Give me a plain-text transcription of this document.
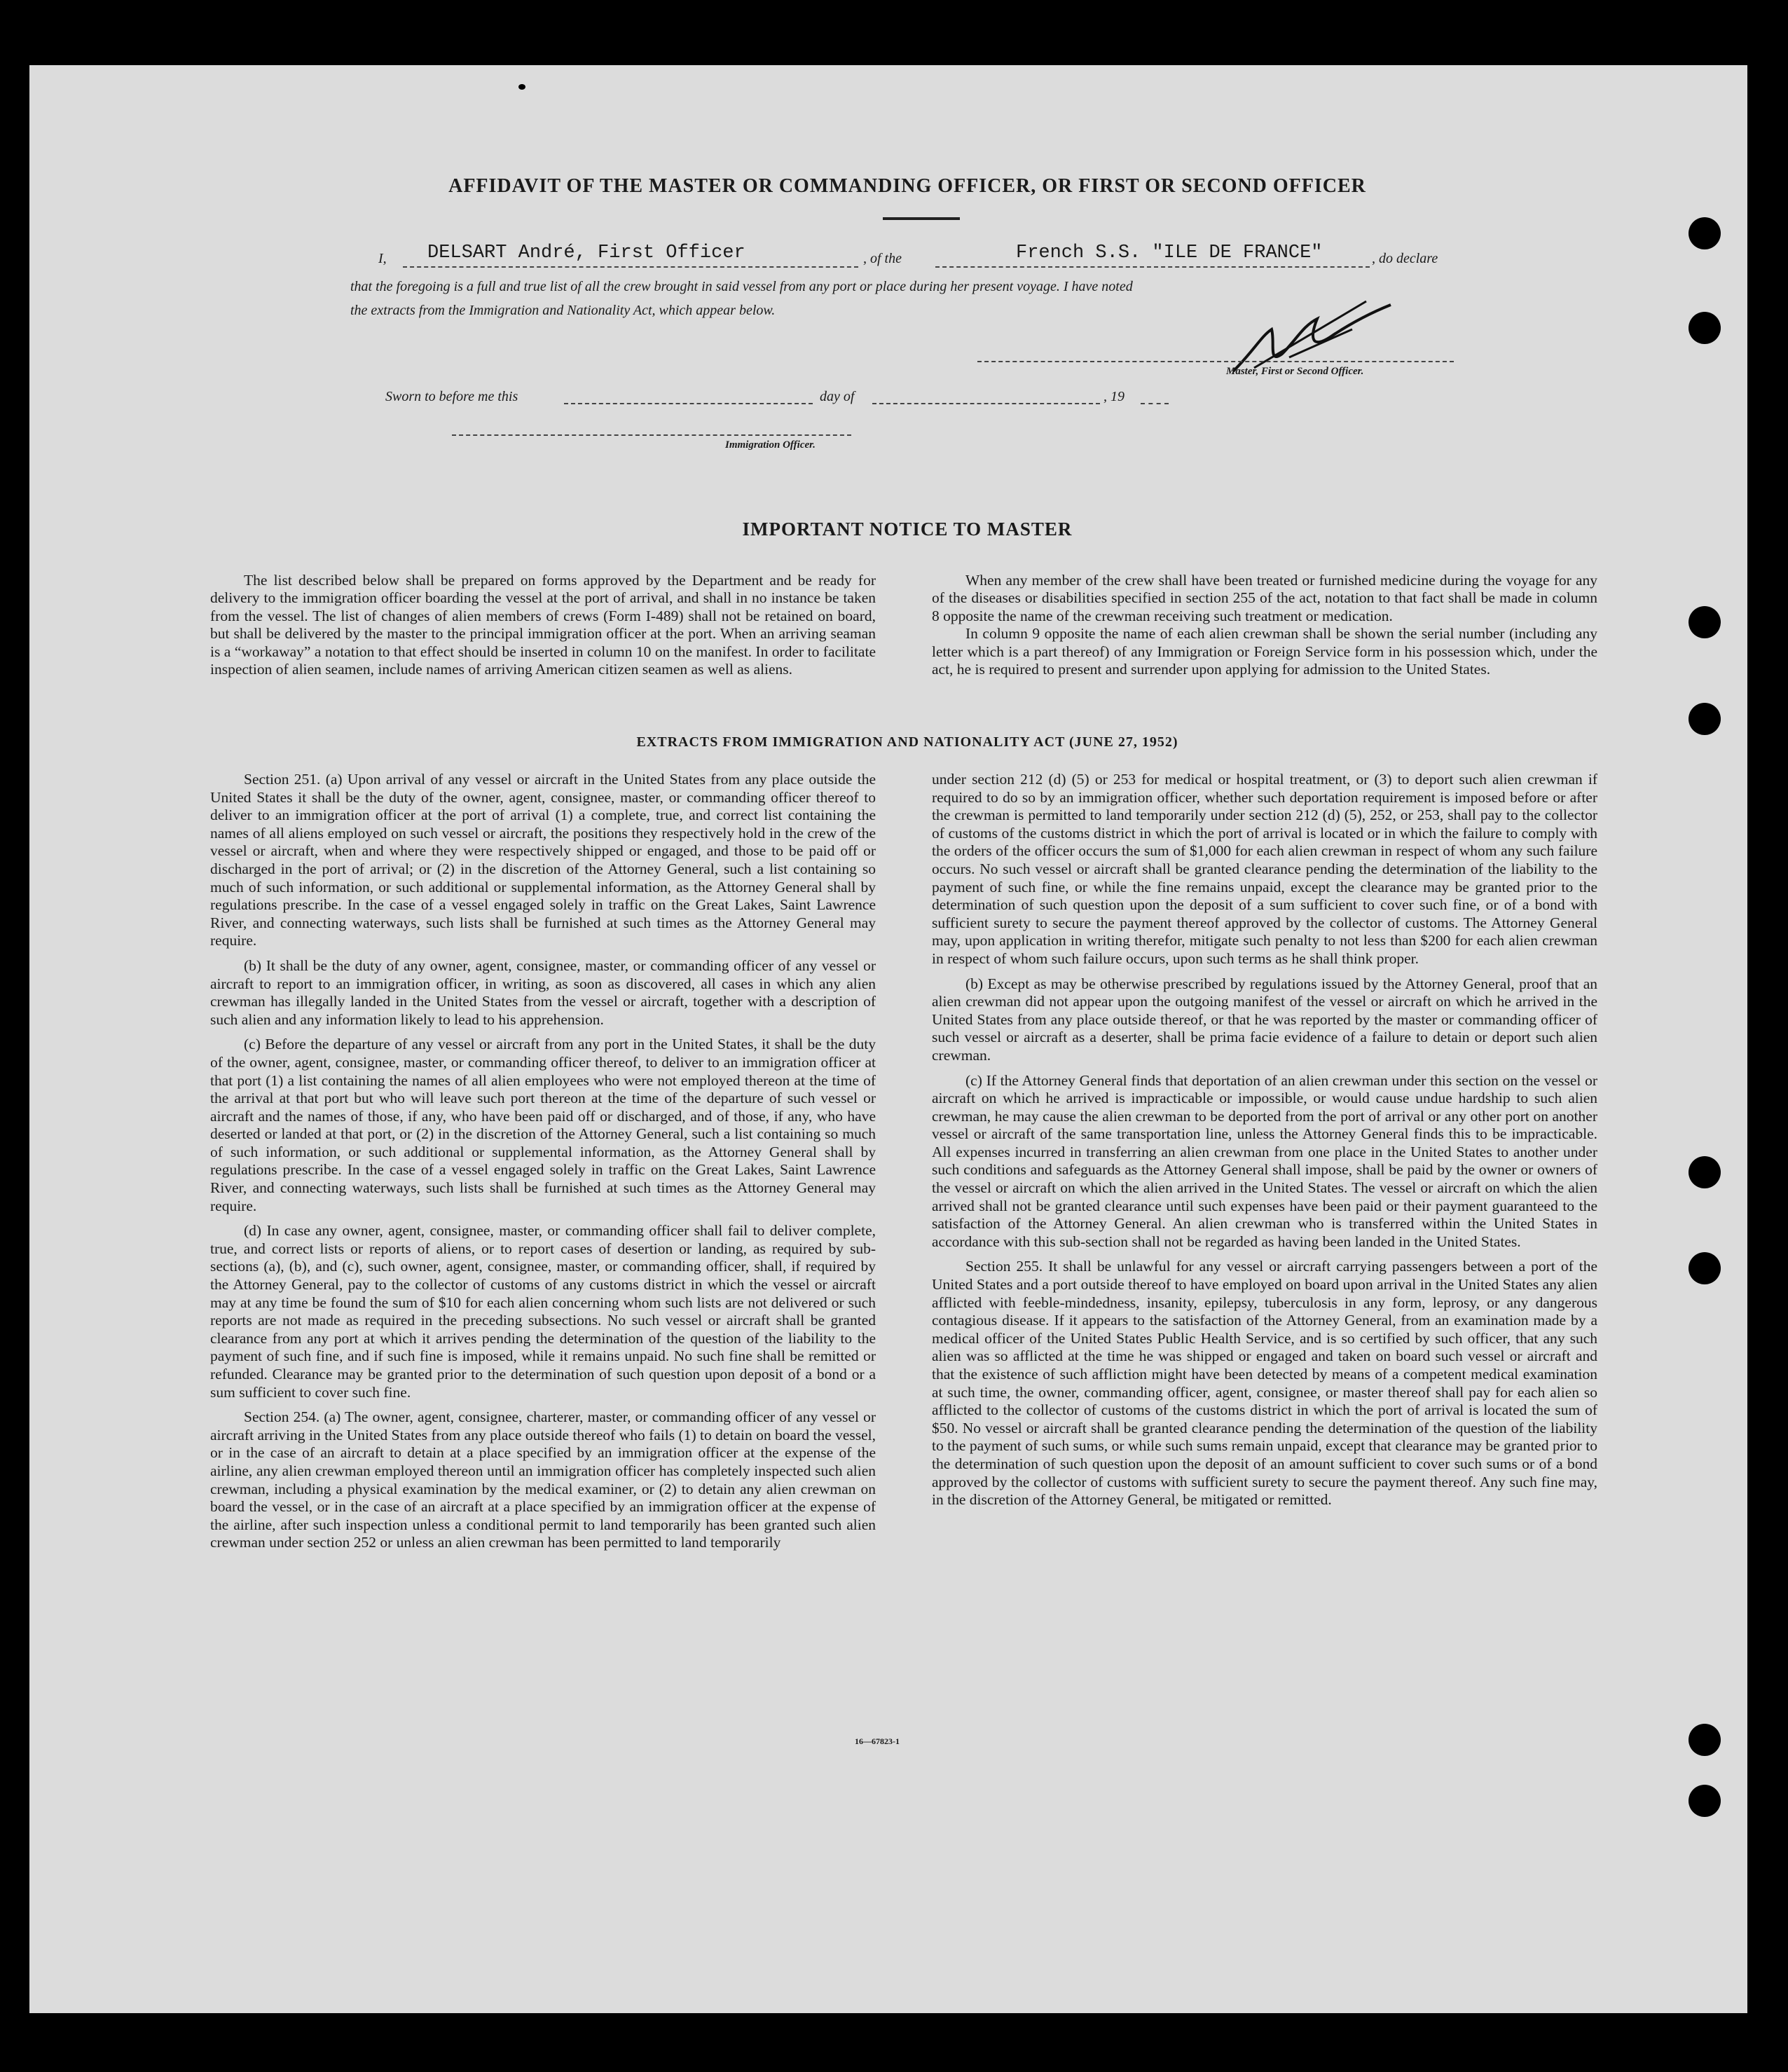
AFFIDAVIT OF THE MASTER OR COMMANDING OFFICER, OR FIRST OR SECOND OFFICER
I, DELSART André, First Officer	, of the	French S.S. "ILE DE FRANCE"	, do declare
that the foregoing is a full and true list of all the crew brought in said vessel from any port or place during her present voyage. I have noted
the extracts from the Immigration and Nationality Act, which appear below.
Master, First or Second Officer.
Sworn to before me this	day of	, 19
Immigration Officer.
IMPORTANT NOTICE TO MASTER

The list described below shall be prepared on forms approved by the Department and be ready for delivery to the immigration officer boarding the vessel at the port of arrival, and shall in no instance be taken from the vessel. The list of changes of alien members of crews (Form I-489) shall not be retained on board, but shall be delivered by the master to the principal immigration officer at the port. When an arriving seaman is a “workaway” a notation to that effect should be inserted in column 10 on the manifest. In order to facilitate inspection of alien seamen, include names of arriving American citizen seamen as well as aliens.

When any member of the crew shall have been treated or furnished medicine during the voyage for any of the diseases or disabilities specified in section 255 of the act, notation to that fact shall be made in column 8 opposite the name of the crewman receiving such treatment or medication.

In column 9 opposite the name of each alien crewman shall be shown the serial number (including any letter which is a part thereof) of any Immigration or Foreign Service form in his possession which, under the act, he is required to present and surrender upon applying for admission to the United States.

EXTRACTS FROM IMMIGRATION AND NATIONALITY ACT (JUNE 27, 1952)

Section 251. (a) Upon arrival of any vessel or aircraft in the United States from any place outside the United States it shall be the duty of the owner, agent, consignee, master, or commanding officer thereof to deliver to an immigration officer at the port of arrival (1) a complete, true, and correct list containing the names of all aliens employed on such vessel or aircraft, the positions they respectively hold in the crew of the vessel or aircraft, when and where they were respectively shipped or engaged, and those to be paid off or discharged in the port of arrival; or (2) in the discretion of the Attorney General, such a list containing so much of such information, or such additional or supplemental information, as the Attorney General shall by regulations prescribe. In the case of a vessel engaged solely in traffic on the Great Lakes, Saint Lawrence River, and connecting waterways, such lists shall be furnished at such times as the Attorney General may require.

(b) It shall be the duty of any owner, agent, consignee, master, or commanding officer of any vessel or aircraft to report to an immigration officer, in writing, as soon as discovered, all cases in which any alien crewman has illegally landed in the United States from the vessel or aircraft, together with a description of such alien and any information likely to lead to his apprehension.

(c) Before the departure of any vessel or aircraft from any port in the United States, it shall be the duty of the owner, agent, consignee, master, or commanding officer thereof, to deliver to an immigration officer at that port (1) a list containing the names of all alien employees who were not employed thereon at the time of the arrival at that port but who will leave such port thereon at the time of the departure of such vessel or aircraft and the names of those, if any, who have been paid off or discharged, and of those, if any, who have deserted or landed at that port, or (2) in the discretion of the Attorney General, such a list containing so much of such information, or such additional or supplemental information, as the Attorney General shall by regulations prescribe. In the case of a vessel engaged solely in traffic on the Great Lakes, Saint Lawrence River, and connecting waterways, such lists shall be furnished at such times as the Attorney General may require.

(d) In case any owner, agent, consignee, master, or commanding officer shall fail to deliver complete, true, and correct lists or reports of aliens, or to report cases of desertion or landing, as required by sub-sections (a), (b), and (c), such owner, agent, consignee, master, or commanding officer, shall, if required by the Attorney General, pay to the collector of customs of any customs district in which the vessel or aircraft may at any time be found the sum of $10 for each alien concerning whom such lists are not delivered or such reports are not made as required in the preceding subsections. No such vessel or aircraft shall be granted clearance from any port at which it arrives pending the determination of the question of the liability to the payment of such fine, and if such fine is imposed, while it remains unpaid. No such fine shall be remitted or refunded. Clearance may be granted prior to the determination of such question upon deposit of a bond or a sum sufficient to cover such fine.

Section 254. (a) The owner, agent, consignee, charterer, master, or commanding officer of any vessel or aircraft arriving in the United States from any place outside thereof who fails (1) to detain on board the vessel, or in the case of an aircraft to detain at a place specified by an immigration officer at the expense of the airline, any alien crewman employed thereon until an immigration officer has completely inspected such alien crewman, including a physical examination by the medical examiner, or (2) to detain any alien crewman on board the vessel, or in the case of an aircraft at a place specified by an immigration officer at the expense of the airline, after such inspection unless a conditional permit to land temporarily has been granted such alien crewman under section 252 or unless an alien crewman has been permitted to land temporarily

under section 212 (d) (5) or 253 for medical or hospital treatment, or (3) to deport such alien crewman if required to do so by an immigration officer, whether such deportation requirement is imposed before or after the crewman is permitted to land temporarily under section 212 (d) (5), 252, or 253, shall pay to the collector of customs of the customs district in which the port of arrival is located or in which the failure to comply with the orders of the officer occurs the sum of $1,000 for each alien crewman in respect of whom any such failure occurs. No such vessel or aircraft shall be granted clearance pending the determination of the liability to the payment of such fine, or while the fine remains unpaid, except the clearance may be granted prior to the determination of such question upon the deposit of a sum sufficient to cover such fine, or of a bond with sufficient surety to secure the payment thereof approved by the collector of customs. The Attorney General may, upon application in writing therefor, mitigate such penalty to not less than $200 for each alien crewman in respect of whom such failure occurs, upon such terms as he shall think proper.

(b) Except as may be otherwise prescribed by regulations issued by the Attorney General, proof that an alien crewman did not appear upon the outgoing manifest of the vessel or aircraft on which he arrived in the United States from any place outside thereof, or that he was reported by the master or commanding officer of such vessel or aircraft as a deserter, shall be prima facie evidence of a failure to detain or deport such alien crewman.

(c) If the Attorney General finds that deportation of an alien crewman under this section on the vessel or aircraft on which he arrived is impracticable or impossible, or would cause undue hardship to such alien crewman, he may cause the alien crewman to be deported from the port of arrival or any other port on another vessel or aircraft of the same transportation line, unless the Attorney General finds this to be impracticable. All expenses incurred in transferring an alien crewman from one place in the United States to another under such conditions and safeguards as the Attorney General shall impose, shall be paid by the owner or owners of the vessel or aircraft on which the alien arrived in the United States. The vessel or aircraft on which the alien arrived shall not be granted clearance until such expenses have been paid or their payment guaranteed to the satisfaction of the Attorney General. An alien crewman who is transferred within the United States in accordance with this sub-section shall not be regarded as having been landed in the United States.

Section 255. It shall be unlawful for any vessel or aircraft carrying passengers between a port of the United States and a port outside thereof to have employed on board upon arrival in the United States any alien afflicted with feeble-mindedness, insanity, epilepsy, tuberculosis in any form, leprosy, or any dangerous contagious disease. If it appears to the satisfaction of the Attorney General, from an examination made by a medical officer of the United States Public Health Service, and is so certified by such officer, that any such alien was so afflicted at the time he was shipped or engaged and taken on board such vessel or aircraft and that the existence of such affliction might have been detected by means of a competent medical examination at such time, the owner, commanding officer, agent, consignee, or master thereof shall pay for each alien so afflicted to the collector of customs of the customs district in which the port of arrival is located the sum of $50. No vessel or aircraft shall be granted clearance pending the determination of the question of the liability to the payment of such sums, or while such sums remain unpaid, except that clearance may be granted prior to the determination of such question upon the deposit of an amount sufficient to cover such sums or of a bond approved by the collector of customs with sufficient surety to secure the payment thereof. Any such fine may, in the discretion of the Attorney General, be mitigated or remitted.

16—67823-1
